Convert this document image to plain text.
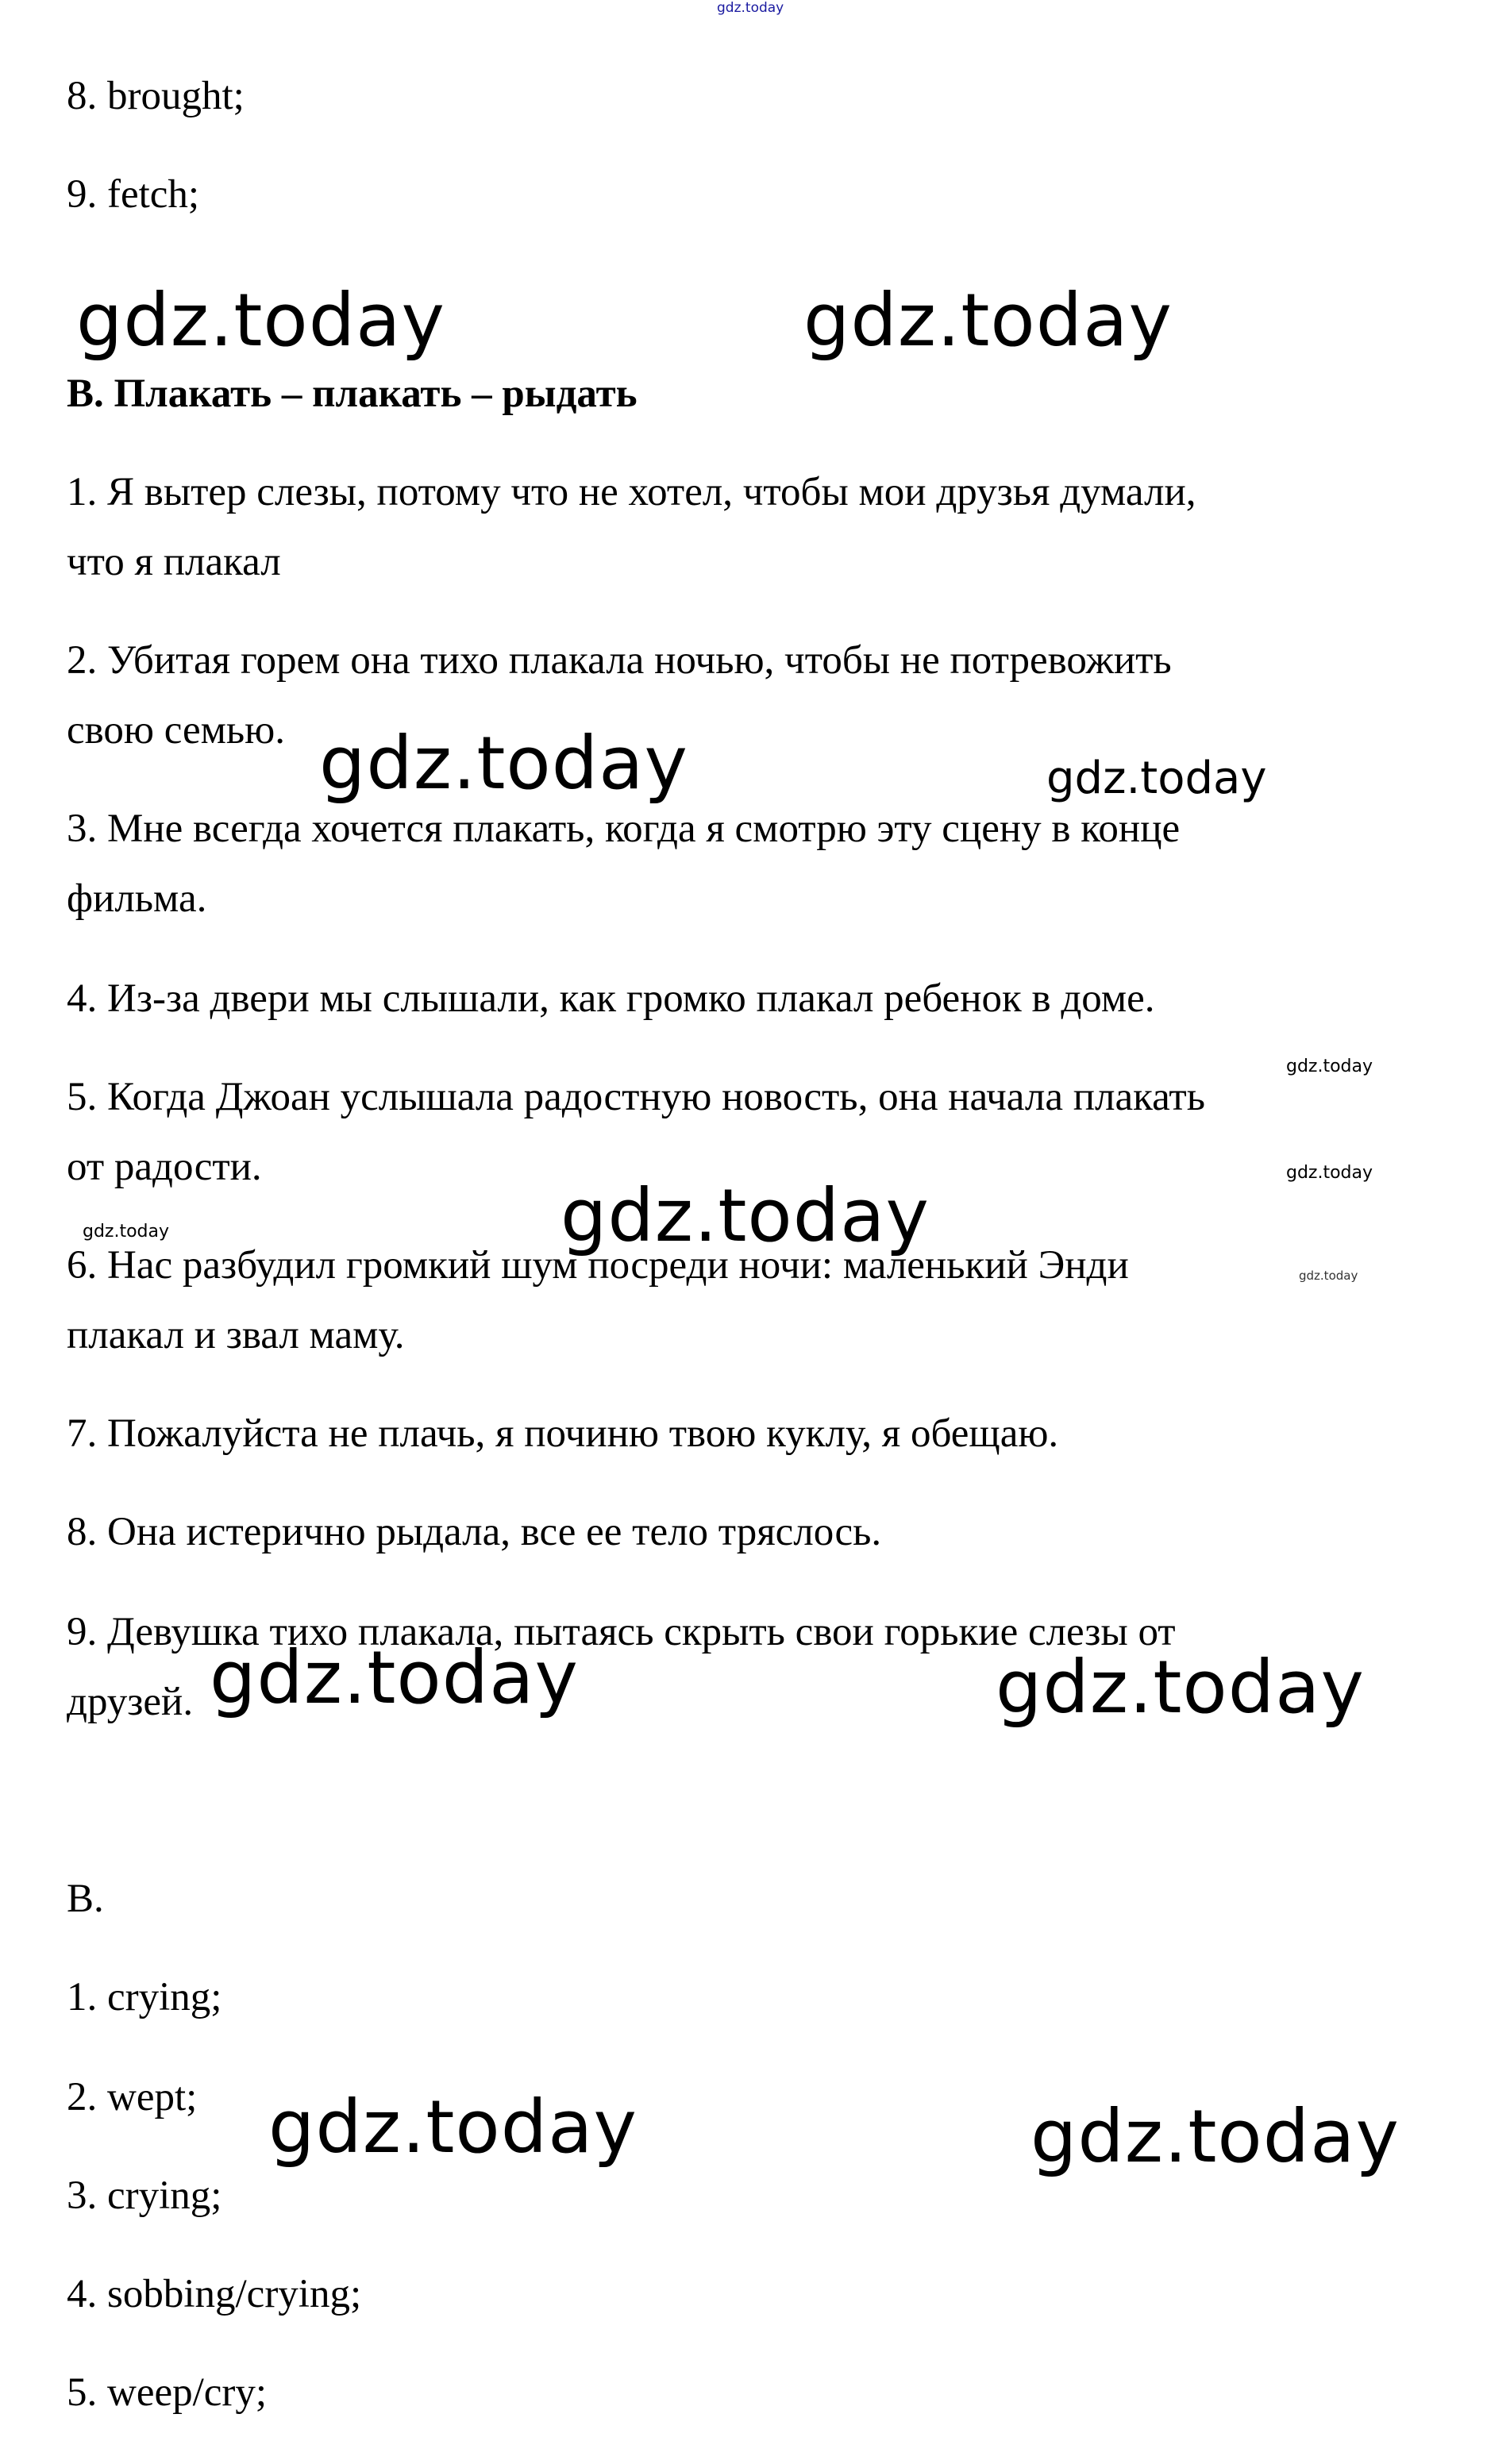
gdz.today
8. brought;
9. fetch;
gdz.today	gdz.today
B. Плакать – плакать – рыдать
1. Я вытер слезы, потому что не хотел, чтобы мои друзья думали,
что я плакал
2. Убитая горем она тихо плакала ночью, чтобы не потревожить
свою семью. gdz.today	gdz.today
3. Мне всегда хочется плакать, когда я смотрю эту сцену в конце
фильма.
4. Из-за двери мы слышали, как громко плакал ребенок в доме.
gdz.today
5. Когда Джоан услышала радостную новость, она начала плакать
от радости.	gdz.today
gdz.today
gdz.today
6. Нас разбудил громкий шум посреди ночи: маленький Энди	gdz.today
плакал и звал маму.
7. Пожалуйста не плачь, я починю твою куклу, я обещаю.
8. Она истерично рыдала, все ее тело тряслось.
9. Девушка тихо плакала, пытаясь скрыть свои горькие слезы от
друзей. gdz.today	gdz.today
B.
1. crying;
2. wept; gdz.today	gdz.today
3. crying;
4. sobbing/crying;
5. weep/cry;
